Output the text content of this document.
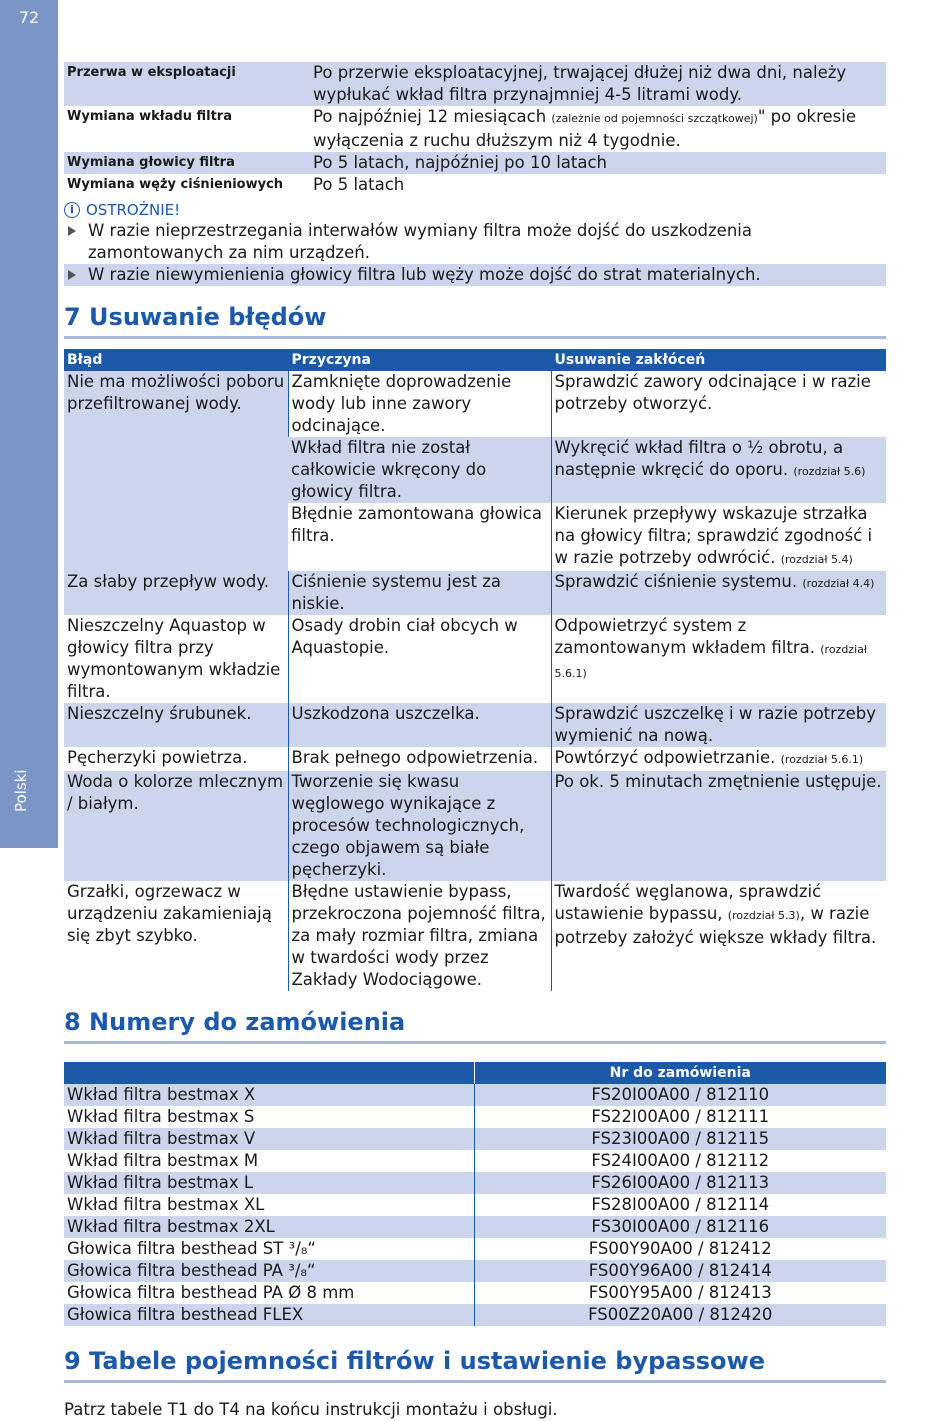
72
Polski
Przerwa w eksploatacji	Po przerwie eksploatacyjnej, trwającej dłużej niż dwa dni, należy wypłukać wkład filtra przynajmniej 4-5 litrami wody.
Wymiana wkładu filtra	Po najpóźniej 12 miesiącach (zależnie od pojemności szczątkowej)" po okresie wyłączenia z ruchu dłuższym niż 4 tygodnie.
Wymiana głowicy filtra	Po 5 latach, najpóźniej po 10 latach
Wymiana węży ciśnieniowych	Po 5 latach
i OSTROŻNIE!
W razie nieprzestrzegania interwałów wymiany filtra może dojść do uszkodzenia zamontowanych za nim urządzeń.
W razie niewymienienia głowicy filtra lub węży może dojść do strat materialnych.
7 Usuwanie błędów
Błąd	Przyczyna	Usuwanie zakłóceń
Nie ma możliwości poboru przefiltrowanej wody.	Zamknięte doprowadzenie wody lub inne zawory odcinające.	Sprawdzić zawory odcinające i w razie potrzeby otworzyć.
	Wkład filtra nie został całkowicie wkręcony do głowicy filtra.	Wykręcić wkład filtra o ½ obrotu, a następnie wkręcić do oporu. (rozdział 5.6)
	Błędnie zamontowana głowica filtra.	Kierunek przepływy wskazuje strzałka na głowicy filtra; sprawdzić zgodność i w razie potrzeby odwrócić. (rozdział 5.4)
Za słaby przepływ wody.	Ciśnienie systemu jest za niskie.	Sprawdzić ciśnienie systemu. (rozdział 4.4)
Nieszczelny Aquastop w głowicy filtra przy wymontowanym wkładzie filtra.	Osady drobin ciał obcych w Aquastopie.	Odpowietrzyć system z zamontowanym wkładem filtra. (rozdział 5.6.1)
Nieszczelny śrubunek.	Uszkodzona uszczelka.	Sprawdzić uszczelkę i w razie potrzeby wymienić na nową.
Pęcherzyki powietrza.	Brak pełnego odpowietrzenia.	Powtórzyć odpowietrzanie. (rozdział 5.6.1)
Woda o kolorze mlecznym / białym.	Tworzenie się kwasu węglowego wynikające z procesów technologicznych, czego objawem są białe pęcherzyki.	Po ok. 5 minutach zmętnienie ustępuje.
Grzałki, ogrzewacz w urządzeniu zakamieniają się zbyt szybko.	Błędne ustawienie bypass, przekroczona pojemność filtra, za mały rozmiar filtra, zmiana w twardości wody przez Zakłady Wodociągowe.	Twardość węglanowa, sprawdzić ustawienie bypassu, (rozdział 5.3), w razie potrzeby założyć większe wkłady filtra.
8 Numery do zamówienia
	Nr do zamówienia
Wkład filtra bestmax X	FS20I00A00 / 812110
Wkład filtra bestmax S	FS22I00A00 / 812111
Wkład filtra bestmax V	FS23I00A00 / 812115
Wkład filtra bestmax M	FS24I00A00 / 812112
Wkład filtra bestmax L	FS26I00A00 / 812113
Wkład filtra bestmax XL	FS28I00A00 / 812114
Wkład filtra bestmax 2XL	FS30I00A00 / 812116
Głowica filtra besthead ST ³/₈“	FS00Y90A00 / 812412
Głowica filtra besthead PA ³/₈“	FS00Y96A00 / 812414
Głowica filtra besthead PA Ø 8 mm	FS00Y95A00 / 812413
Głowica filtra besthead FLEX	FS00Z20A00 / 812420
9 Tabele pojemności filtrów i ustawienie bypassowe
Patrz tabele T1 do T4 na końcu instrukcji montażu i obsługi.
